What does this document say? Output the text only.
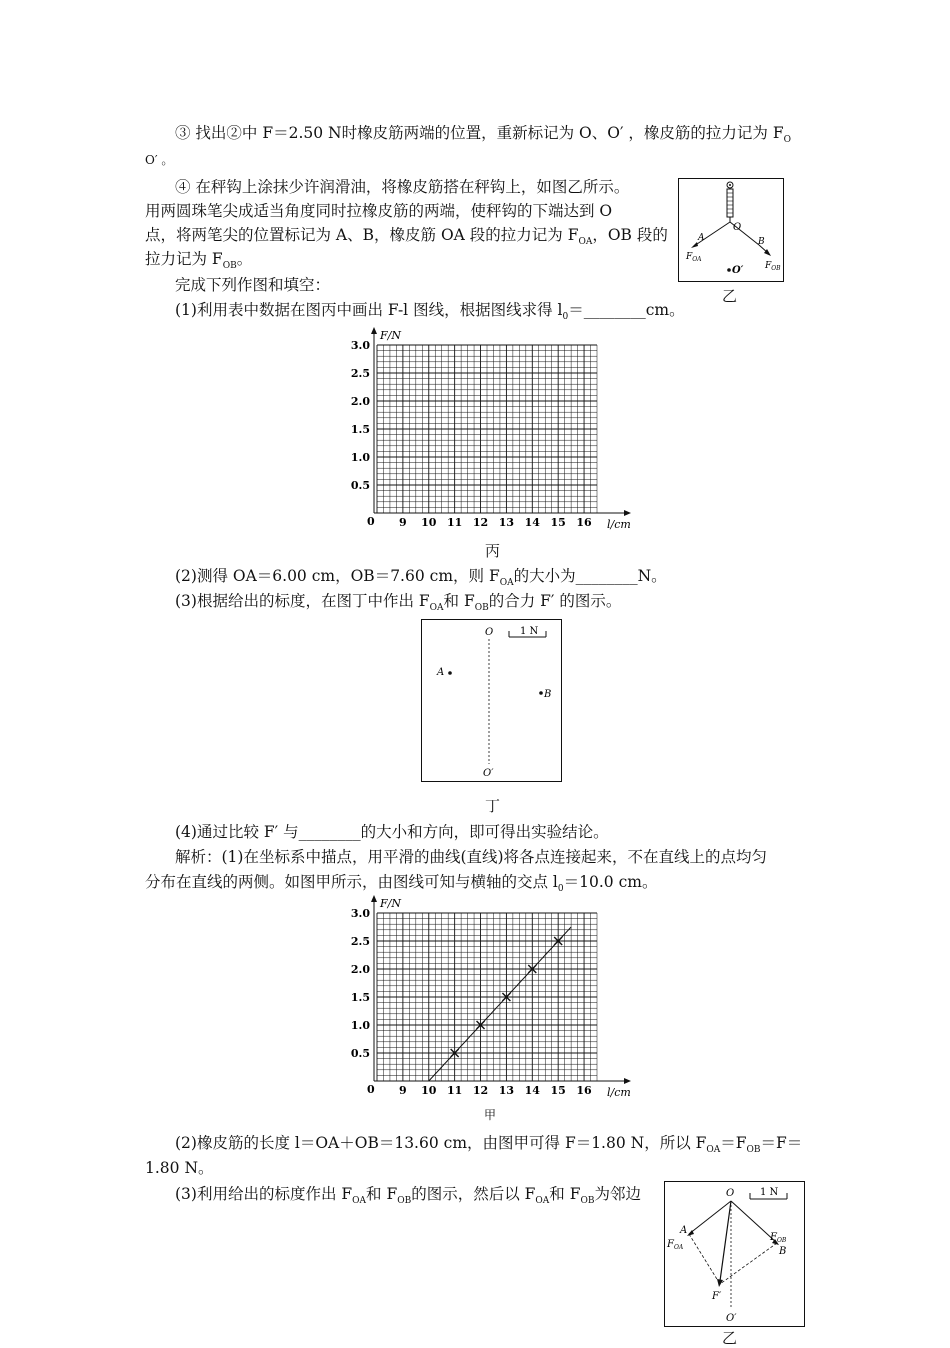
③ 找出②中 F＝2.50 N时橡皮筋两端的位置，重新标记为 O、O′ ，橡皮筋的拉力记为 $F_O$
O′ 。
④ 在秤钩上涂抹少许润滑油，将橡皮筋搭在秤钩上，如图乙所示。
用两圆珠笔尖成适当角度同时拉橡皮筋的两端，使秤钩的下端达到 O
点，将两笔尖的位置标记为 A、B，橡皮筋 OA 段的拉力记为 $F_{OA}$，OB 段的
拉力记为 $F_{OB}$。
完成下列作图和填空：
(1)利用表中数据在图丙中画出 F-l 图线，根据图线求得 $l_0=\_\_\_\_\_\_\_\_cm$。
O
A	B
$F_{OA}$
$F_{OB}$
O′
乙
F/N
l/cm
0
3.0
2.5
2.0
1.5
1.0
0.5
9 10 11 12 13 14 15 16
丙
(2)测得 OA＝6.00 cm，OB＝7.60 cm，则 $F_{OA}$的大小为________N。
(3)根据给出的标度，在图丁中作出 $F_{OA}$和 $F_{OB}$的合力 F′ 的图示。
O	1 N
A
B
O′
丁
(4)通过比较 F′ 与________的大小和方向，即可得出实验结论。
解析：(1)在坐标系中描点，用平滑的曲线(直线)将各点连接起来，不在直线上的点均匀
分布在直线的两侧。如图甲所示，由图线可知与横轴的交点 $l_0=10.0$ cm。
F/N
l/cm
0
3.0
2.5
2.0
1.5
1.0
0.5
9 10 11 12 13 14 15 16
甲
(2)橡皮筋的长度 l＝OA＋OB＝13.60 cm，由图甲可得 F＝1.80 N，所以 $F_{OA}=F_{OB}=F=$
1.80 N。
(3)利用给出的标度作出 $F_{OA}$和 $F_{OB}$的图示，然后以 $F_{OA}$和 $F_{OB}$为邻边	O	1 N
A
$F_{OA}$
$F_{OB}$
B
F′
O′
乙
